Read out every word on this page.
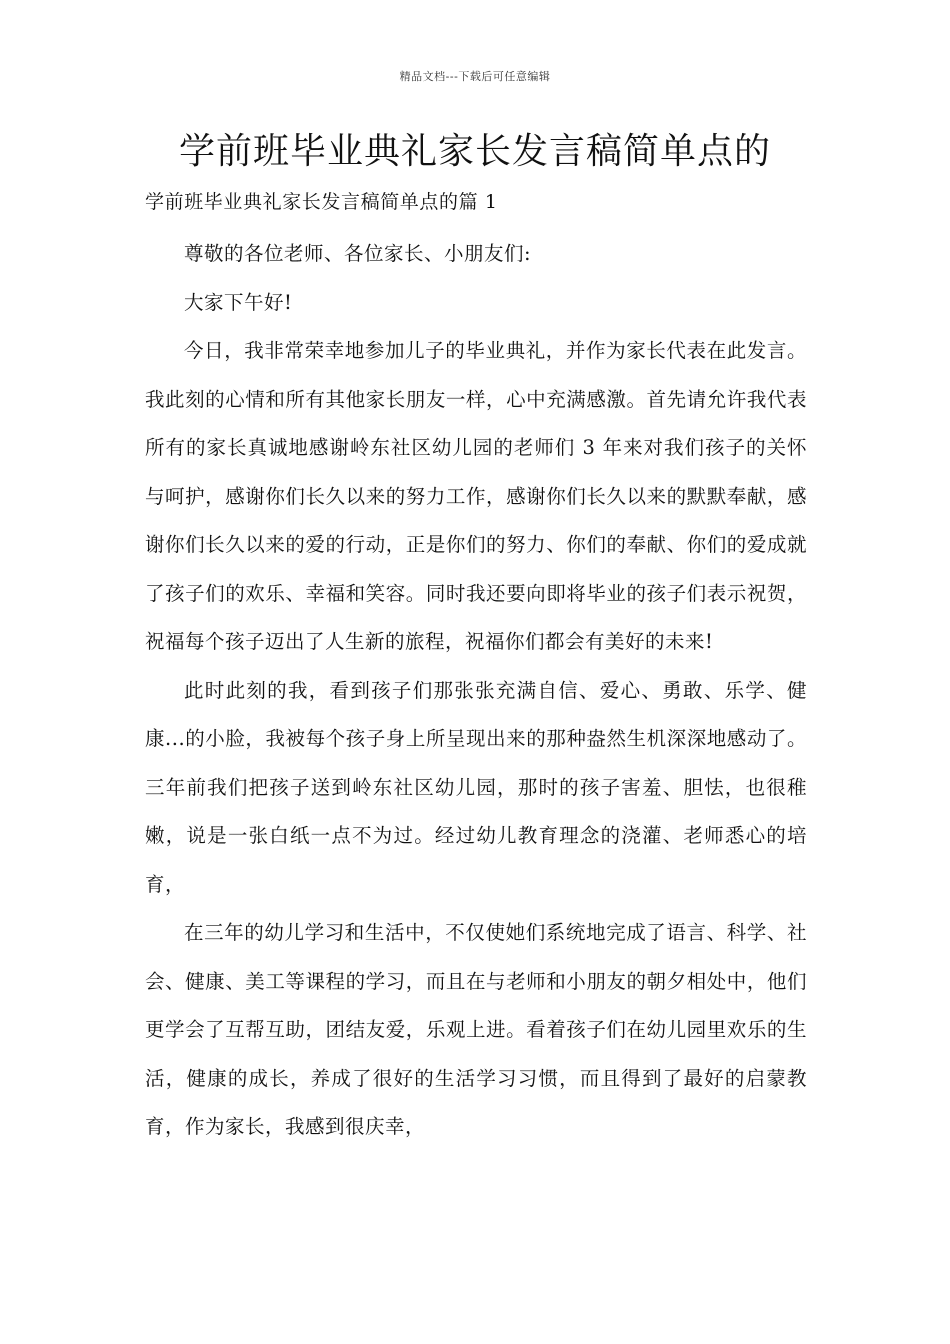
精品文档---下载后可任意编辑
学前班毕业典礼家长发言稿简单点的

学前班毕业典礼家长发言稿简单点的篇 1

尊敬的各位老师、各位家长、小朋友们:

大家下午好!

今日，我非常荣幸地参加儿子的毕业典礼，并作为家长代表在此发言。我此刻的心情和所有其他家长朋友一样，心中充满感激。首先请允许我代表所有的家长真诚地感谢岭东社区幼儿园的老师们 3 年来对我们孩子的关怀与呵护，感谢你们长久以来的努力工作，感谢你们长久以来的默默奉献，感谢你们长久以来的爱的行动，正是你们的努力、你们的奉献、你们的爱成就了孩子们的欢乐、幸福和笑容。同时我还要向即将毕业的孩子们表示祝贺，祝福每个孩子迈出了人生新的旅程，祝福你们都会有美好的未来!

此时此刻的我，看到孩子们那张张充满自信、爱心、勇敢、乐学、健康...的小脸，我被每个孩子身上所呈现出来的那种盎然生机深深地感动了。三年前我们把孩子送到岭东社区幼儿园，那时的孩子害羞、胆怯，也很稚嫩，说是一张白纸一点不为过。经过幼儿教育理念的浇灌、老师悉心的培育，

在三年的幼儿学习和生活中，不仅使她们系统地完成了语言、科学、社会、健康、美工等课程的学习，而且在与老师和小朋友的朝夕相处中，他们更学会了互帮互助，团结友爱，乐观上进。看着孩子们在幼儿园里欢乐的生活，健康的成长，养成了很好的生活学习习惯，而且得到了最好的启蒙教育，作为家长，我感到很庆幸，
